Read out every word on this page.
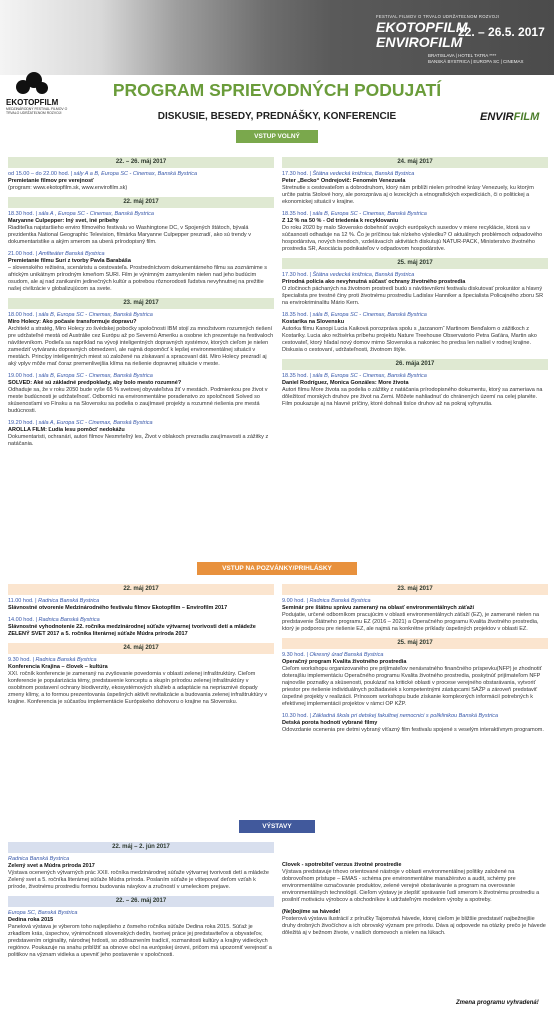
FESTIVAL FILMOV O TRVALO UDRŽATEĽNOM ROZVOJI
EKOTOPFILM
ENVIROFILM
22. – 26.5. 2017
BRATISLAVA | HOTEL TATRA ****
BANSKÁ BYSTRICA | EUROPA SC | CINEMAX
EKOTOPFILM
MEDZINÁRODNÝ FESTIVAL FILMOV O TRVALO UDRŽATEĽNOM ROZVOJI	ENVIRFILM
PROGRAM SPRIEVODNÝCH PODUJATÍ
DISKUSIE, BESEDY, PREDNÁŠKY, KONFERENCIE
VSTUP VOLNÝ
22. – 26. máj 2017
od 15.00 – do 22.00 hod. | sály A a B, Europa SC - Cinemax, Banská Bystrica
Premietanie filmov pre verejnosť
(program: www.ekotopfilm.sk, www.envirofilm.sk)
22. máj 2017
18.30 hod. | sála A , Europa SC - Cinemax, Banská Bystrica
Maryanne Culpepper: Iný svet, iné príbehy
Riaditeľka najstaršieho enviro filmového festivalu vo Washingtone DC, v Spojených štátoch, bývalá prezidentka National Geographic Television, filmárka Maryanne Culpepper prezradí, ako sú trendy v dokumentaristike a akým smerom sa uberá prírodopisný film.
21.00 hod. | Amfiteáter Banská Bystrica
Premietanie filmu Surí z tvorby Pavla Barabáša
– slovenského režiséra, scenáristu a cestovateľa. Prostredníctvom dokumentárneho filmu sa zoznámime s africkým unikátnym prírodným kmeňom SURI. Film je výnimným zamyslením nielen nad jeho budúcim osudom, ale aj nad zanikaním jedinečných kultúr a potrebou rôznorodosti ľudstva nevyhnutnej na prežitie našej civilizácie v globalizujúcom sa svete.
23. máj 2017
18.00 hod. | sála B, Europa SC - Cinemax, Banská Bystrica
Miro Holecy: Ako počasie transformuje dopravu?
Architekt a stratég, Miro Holecy zo švédskej poboćky spoločnosti IBM stojí za množstvom rozumných riešení pre udržateľné mestá od Austrálie cez Európu až po Severnú Ameriku a osobne ich prezentuje na festivaloch návštevníkom. Podieľa sa napríklad na vývoji inteligentných dopravných systémov, ktorých cieľom je nielen zamedziť vytváraniu dopravných obmedzení, ale najmä dopomôcť k lepšej environmentálnej situácii v mestách. Princípy inteligentných miest sú založené na získavaní a spracovaní dát. Miro Holecy prezradí aj aký vplyv môže mať čoraz premenlivejšia klíma na riešenie dopravnej situácie v meste.
19.00 hod. | sála B, Europa SC - Cinemax, Banská Bystrica
SOLVED: Aké sú základné predpoklady, aby bolo mesto rozumné?
Odhaduje sa, že v roku 2050 bude vyše 65 % svetovej obyvateľstva žiť v mestách. Podmienkou pre život v meste budúcnosti je udržateľnosť. Odborníci na environmentálne poradenstvo zo spoločnosti Solved so skúsenosťami vo Fínsku a na Slovensku sa podelia o zaujímavé projekty a rozumné riešenia pre mestá budúcnosti.
19.20 hod. | sála A, Europa SC - Cinemax, Banská Bystrica
AROLLA FILM: Ľudia lesu pomôcť nedokážu
Dokumentaristi, ochranári, autori filmov Nesmrteľný les, Život v oblakoch prezradia zaujímavosti a zážitky z natáčania.
24. máj 2017
17.30 hod. | Štátna vedecká knižnica, Banská Bystrica
Peter „Becko“ Ondrejovič: Fenomén Venezuela
Stretnutie s cestovateľom a dobrodruhom, ktorý nám priblíži nielen prírodné krásy Venezuely, ku ktorým určite patria Stolové hory, ale porozpráva aj o lezeckých a etnografických expedíciách, či o politickej a ekonomickej situácii v krajine.
18.35 hod. | sála B, Europa SC - Cinemax, Banská Bystrica
Z 12 % na 50 % - Od triedenia k recyklovaniu
Do roku 2020 by malo Slovensko dobehnúť svojich európskych susedov v miere recyklácie, ktorá sa v súčasnosti odhaduje na 12 %. Čo je príčinou tak nízkeho výsledku? O aktuálnych problémoch odpadového hospodárstva, nových trendoch, vzdelávacích aktivitách diskutujú NATUR-PACK, Ministerstvo životného prostredia SR, Asociácia podnikateľov v odpadovom hospodárstve.
25. máj 2017
17.30 hod. | Štátna vedecká knižnica, Banská Bystrica
Prírodná polícia ako nevyhnutná súčasť ochrany životného prostredia
O zločinoch páchaných na životnom prostredí budú s návštevníkmi festivalu diskutovať prokurátor a hlavný špecialista pre trestné činy proti životnému prostrediu Ladislav Hanniker a špecialista Policajného zboru SR na envirokriminalitu Mário Kern.
18.35 hod. | sála B, Europa SC - Cinemax, Banská Bystrica
Kostarika na Slovensku
Autorka filmu Kanopi Lucia Kaiková porozpráva spolu s „tarzanom“ Martinom Benďalom o zážitkoch z Kostariky. Lucia ako režisérka príbehu projektu Nature Treehouse Observatorio Petra Gaťára, Martin ako cestovateľ, ktorý hľadal nový domov mimo Slovenska a nakoniec ho predsa len našiel v rodnej krajine. Diskusia o cestovaní, udržateľnosti, životnom štýle.
26. mája 2017
18.35 hod. | sála B, Europa SC - Cinemax, Banská Bystrica
Daniel Rodríguez, Monica Gonzáles: More života
Autori filmu More života sa podelia o zážitky z natáčania prírodopisného dokumentu, ktorý sa zameriava na dôležitosť morských druhov pre život na Zemi. Môžete nahliadnuť do chránených území na celej planéte. Film poukazuje aj na hlavné príčiny, ktoré dohnali tisíce druhov až na pokraj vyhynutia.
VSTUP NA POZVÁNKY/PRIHLÁSKY
22. máj 2017
11.00 hod. | Radnica Banská Bystrica
Slávnostné otvorenie Medzinárodného festivalu filmov Ekotopfilm – Envirofilm 2017
14.00 hod. | Radnica Banská Bystrica
Slávnostné vyhodnotenie 22. ročníka medzinárodnej súťaže výtvarnej tvorivosti detí a mládeže ZELENÝ SVET 2017 a 5. ročníka literárnej súťaže Múdra príroda 2017
24. máj 2017
9.30 hod. | Radnica Banská Bystrica
Konferencia Krajina – človek – kultúra
XXI. ročník konferencie je zameraný na zvyšovanie povedomia v oblasti zelenej infraštruktúry. Cieľom konferencie je popularizácia témy, predstavenie konceptu a skupín prírodou zelenej infraštruktúry v osobitnom postavení ochrany biodiverzity, ekosystémových služieb a adaptácie na nepriaznivé dopady zmeny klímy, a to formou prezentovania úspešných aktivít revitalizácie a budovania zelenej infraštruktúry v krajine. Konferencia je súčasťou implementácie Európskeho dohovoru o krajine na Slovensku.
23. máj 2017
9.00 hod. | Radnica Banská Bystrica
Seminár pre štátnu správu zameraný na oblasť environmentálnych záťaží
Podujatie, určené odborníkom pracujúcim v oblasti environmentálnych záťaží (EZ), je zamerané nielen na predstavenie Štátneho programu EZ (2016 – 2021) a Operačného programu Kvalita životného prostredia, ktorý je podporou pre riešenie EZ, ale najmä na konkrétne príklady úspešných projektov v oblasti EZ.
25. máj 2017
9.30 hod. | Okresný úrad Banská Bystrica
Operačný program Kvalita životného prostredia
Cieľom workshopu organizovaného pre prijímateľov nenávratného finančného príspevku(NFP) je zhodnotiť doterajšiu implementáciu Operačného programu Kvalita životného prostredia, poskytnúť prijímateľom NFP najnovšie poznatky a skúsenosti, poukázať na kritické oblasti v procese verejného obstarávania, vytvoriť priestor pre riešenie individuálnych požiadaviek s kompetentnými zástupcami SAŽP a zároveň predstaviť úspešné projekty v realizácii. Prínosom workshopu bude získanie komplexných informácií potrebných k efektívnej implementácii projektov v rámci OP KŽP.
10.30 hod. | Základná škola pri detskej fakultnej nemocnici s poliklinikou Banská Bystrica
Detská porota hodnotí vybrané filmy
Odovzdanie ocenenia pre detmi vybraný víťazný film festivalu spojené s veselým interaktívnym programom.
VÝSTAVY
22. máj – 2. jún 2017
Radnica Banská Bystrica
Zelený svet a Múdra príroda 2017
Výstava ocenených výtvarných prác XXII. ročníka medzinárodnej súťaže výtvarnej tvorivosti detí a mládeže Zelený svet a 5. ročníka literárnej súťaže Múdra príroda. Poslaním súťaže je vštepovať deťom vzťah k prírode, životnému prostrediu formou budovania návykov a zručností v umeleckom prejave.
22. – 26. máj 2017
Europa SC, Banská Bystrica
Dedina roka 2015
Panelová výstava je výberom toho najlepšieho z ôsmeho ročníka súťaže Dedina roka 2015. Súťaž je zrkadlom krás, úspechov, výnimočnosti slovenských dedín, tvorivej práce jej predstaviteľov a obyvateľov, predstavením originality, národnej hrdosti, so zdôraznením tradícií, rozmanitosti kultúry a krajiny vidieckych regiónov. Poukazuje na snahu priblížiť sa obnove obcí na európskej úrovni, pričom má upozorniť verejnosť a politikov na význam vidieka a upevniť jeho postavenie v spoločnosti.
Človek - spotrebiteľ verzus životné prostredie
Výstava predstavuje trhovo orientované nástroje v oblasti environmentálnej politiky založené na dobrovoľnom prístupe – EMAS - schéma pre environmentálne manažérstvo a audit, schémy pre environmentálne označovanie produktov, zelené verejné obstarávanie a program na overovanie environmentálnych technológií. Cieľom výstavy je zlepšiť správanie ľudí smerom k životnému prostrediu a posilniť motiváciu výrobcov a obchodníkov k udržateľným modelom výroby a spotreby.
(Ne)bojíme sa hávede!
Posterová výstava ilustrácií z príručky Tajomstvá hávede, ktorej cieľom je bližšie predstaviť najbežnejšie druhy drobných živočíchov a ich obrovský význam pre prírodu. Dáva aj odpovede na otázky prečo je hávede dôležitá aj v bežnom živote, v našich domovoch a nielen na lúkach.
Zmena programu vyhradená!
